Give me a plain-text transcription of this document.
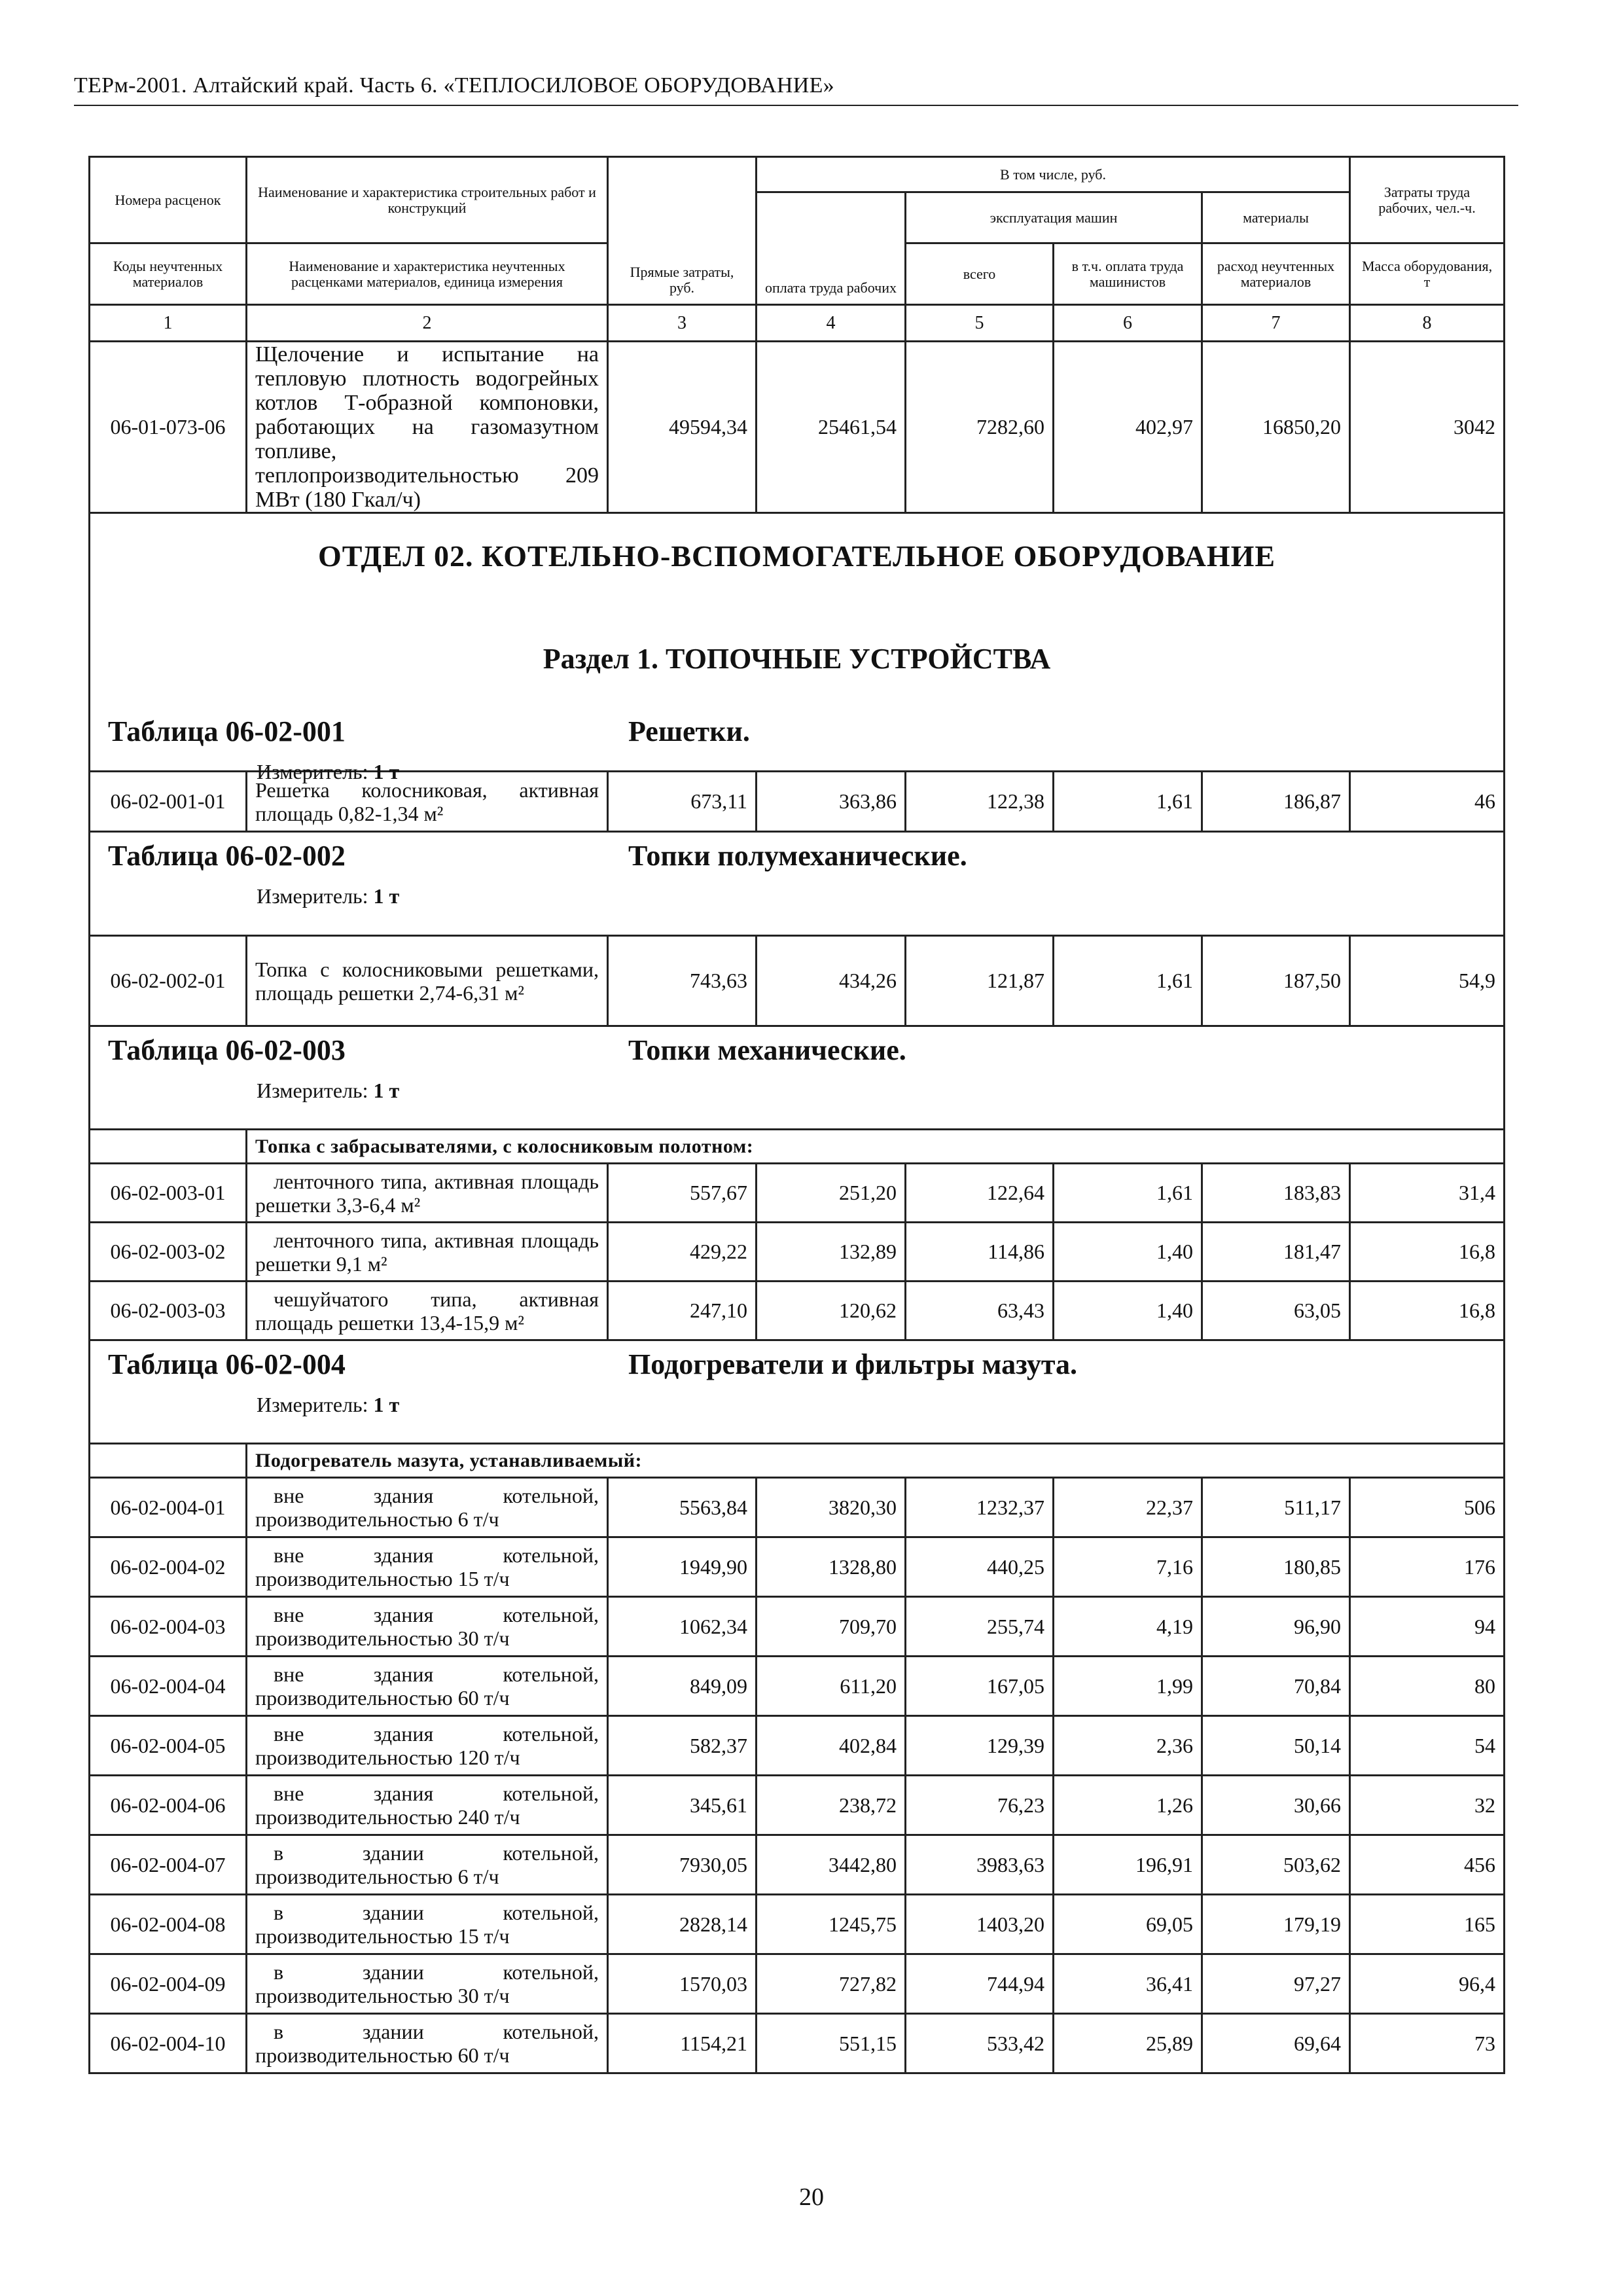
ТЕРм-2001. Алтайский край. Часть 6. «ТЕПЛОСИЛОВОЕ ОБОРУДОВАНИЕ»
Номера расценок	Наименование и характеристика строительных работ и конструкций	Прямые затраты, руб.	В том числе, руб.				Затраты труда рабочих, чел.-ч.
			оплата труда рабочих	эксплуатация машин		материалы	
Коды неучтенных материалов	Наименование и характеристика неучтенных расценками материалов, единица измерения			всего	в т.ч. оплата труда машинистов	расход неучтенных материалов	Масса оборудования, т
1	2	3	4	5	6	7	8
06-01-073-06	Щелочение и испытание на тепловую плотность водогрейных котлов Т-образной компоновки, работающих на газомазутном топливе, теплопроизводительностью 209 МВт (180 Гкал/ч)	49594,34	25461,54	7282,60	402,97	16850,20	3042

ОТДЕЛ 02. КОТЕЛЬНО-ВСПОМОГАТЕЛЬНОЕ ОБОРУДОВАНИЕ
Раздел 1. ТОПОЧНЫЕ УСТРОЙСТВА							

Таблица 06-02-001 Решетки.
Измеритель: 1 т							

06-02-001-01	Решетка колосниковая, активная площадь 0,82-1,34 м²	673,11	363,86	122,38	1,61	186,87	46

Таблица 06-02-002 Топки полумеханические.
Измеритель: 1 т							

06-02-002-01	Топка с колосниковыми решетками, площадь решетки 2,74-6,31 м²	743,63	434,26	121,87	1,61	187,50	54,9

Таблица 06-02-003 Топки механические.
Измеритель: 1 т							

	Топка с забрасывателями, с колосниковым полотном:						
06-02-003-01	ленточного типа, активная площадь решетки 3,3-6,4 м²	557,67	251,20	122,64	1,61	183,83	31,4
06-02-003-02	ленточного типа, активная площадь решетки 9,1 м²	429,22	132,89	114,86	1,40	181,47	16,8
06-02-003-03	чешуйчатого типа, активная площадь решетки 13,4-15,9 м²	247,10	120,62	63,43	1,40	63,05	16,8

Таблица 06-02-004 Подогреватели и фильтры мазута.
Измеритель: 1 т							

	Подогреватель мазута, устанавливаемый:						
06-02-004-01	вне здания котельной, производительностью 6 т/ч	5563,84	3820,30	1232,37	22,37	511,17	506
06-02-004-02	вне здания котельной, производительностью 15 т/ч	1949,90	1328,80	440,25	7,16	180,85	176
06-02-004-03	вне здания котельной, производительностью 30 т/ч	1062,34	709,70	255,74	4,19	96,90	94
06-02-004-04	вне здания котельной, производительностью 60 т/ч	849,09	611,20	167,05	1,99	70,84	80
06-02-004-05	вне здания котельной, производительностью 120 т/ч	582,37	402,84	129,39	2,36	50,14	54
06-02-004-06	вне здания котельной, производительностью 240 т/ч	345,61	238,72	76,23	1,26	30,66	32
06-02-004-07	в здании котельной, производительностью 6 т/ч	7930,05	3442,80	3983,63	196,91	503,62	456
06-02-004-08	в здании котельной, производительностью 15 т/ч	2828,14	1245,75	1403,20	69,05	179,19	165
06-02-004-09	в здании котельной, производительностью 30 т/ч	1570,03	727,82	744,94	36,41	97,27	96,4
06-02-004-10	в здании котельной, производительностью 60 т/ч	1154,21	551,15	533,42	25,89	69,64	73
20
